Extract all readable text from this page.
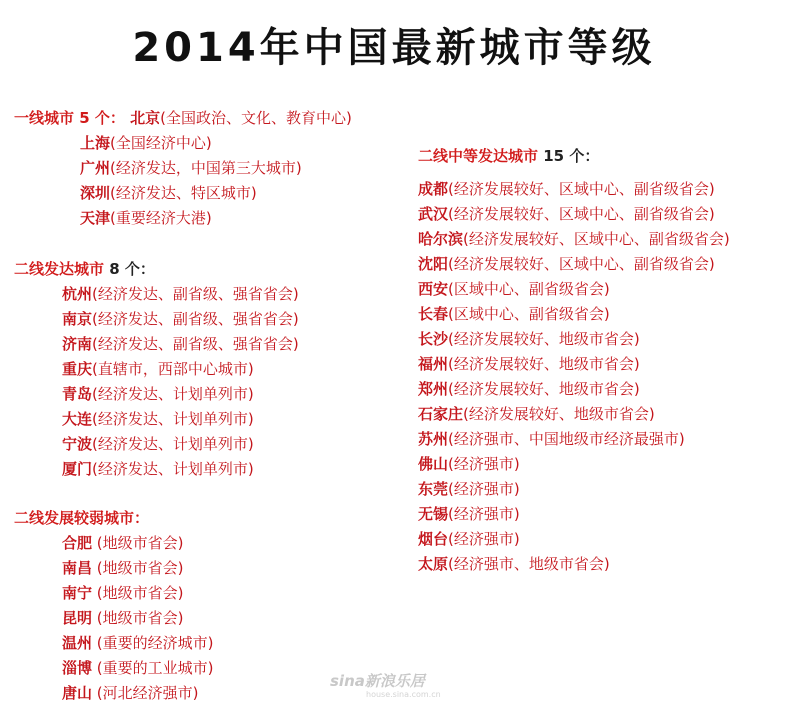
2014年中国最新城市等级
一线城市 5 个： 北京(全国政治、文化、教育中心)
上海(全国经济中心)
广州(经济发达，中国第三大城市)
深圳(经济发达、特区城市)
天津(重要经济大港)
二线发达城市 8 个：
杭州(经济发达、副省级、强省省会)
南京(经济发达、副省级、强省省会)
济南(经济发达、副省级、强省省会)
重庆(直辖市，西部中心城市)
青岛(经济发达、计划单列市)
大连(经济发达、计划单列市)
宁波(经济发达、计划单列市)
厦门(经济发达、计划单列市)
二线发展较弱城市：
合肥 (地级市省会)
南昌 (地级市省会)
南宁 (地级市省会)
昆明 (地级市省会)
温州 (重要的经济城市)
淄博 (重要的工业城市)
唐山 (河北经济强市)
二线中等发达城市 15 个：
成都(经济发展较好、区域中心、副省级省会)
武汉(经济发展较好、区域中心、副省级省会)
哈尔滨(经济发展较好、区域中心、副省级省会)
沈阳(经济发展较好、区域中心、副省级省会)
西安(区域中心、副省级省会)
长春(区域中心、副省级省会)
长沙(经济发展较好、地级市省会)
福州(经济发展较好、地级市省会)
郑州(经济发展较好、地级市省会)
石家庄(经济发展较好、地级市省会)
苏州(经济强市、中国地级市经济最强市)
佛山(经济强市)
东莞(经济强市)
无锡(经济强市)
烟台(经济强市)
太原(经济强市、地级市省会)
sina新浪乐居
house.sina.com.cn
